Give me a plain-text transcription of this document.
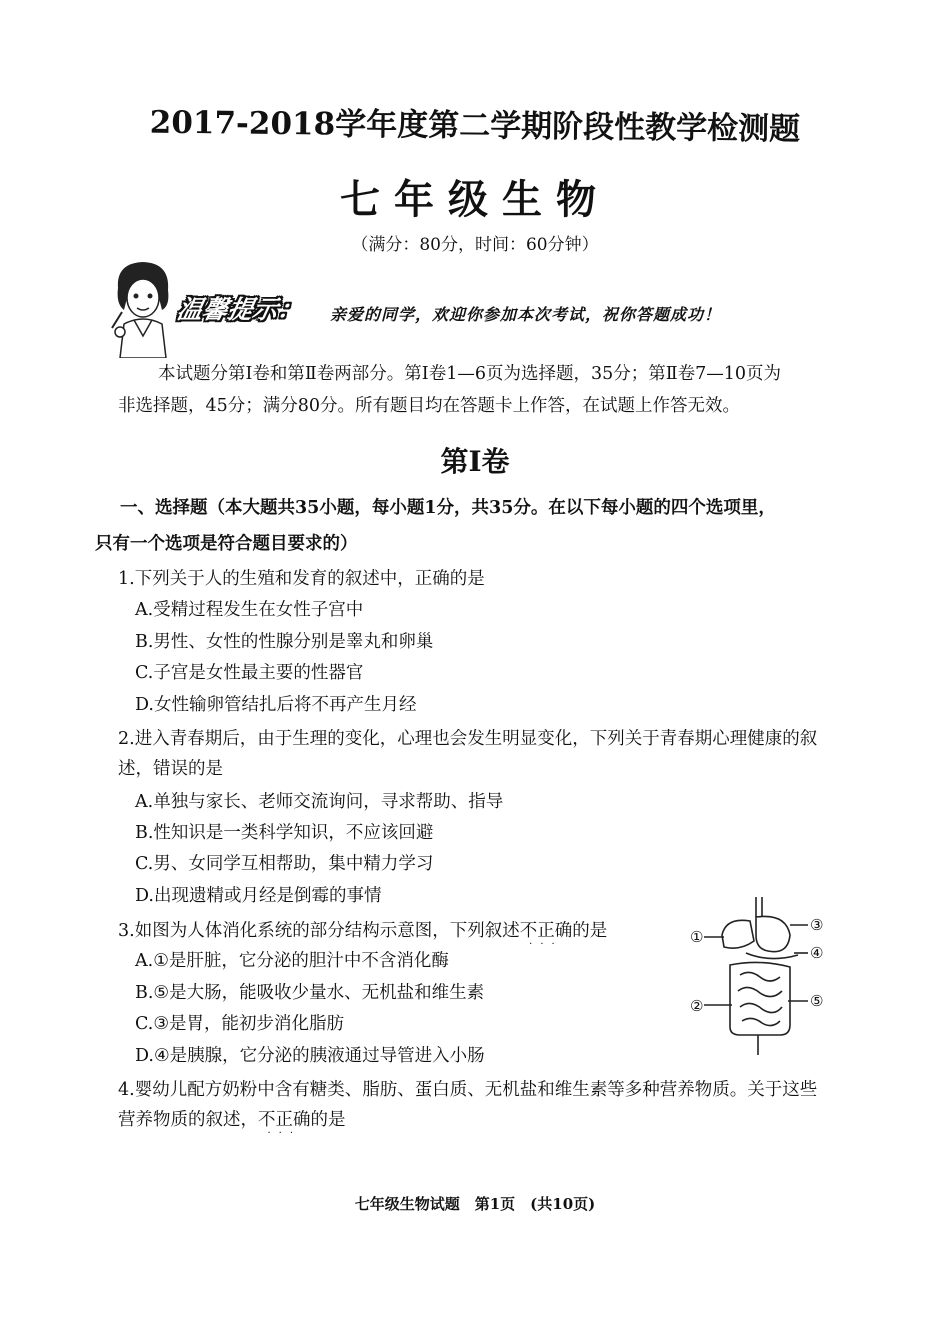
2017-2018学年度第二学期阶段性教学检测题
七年级生物
（满分：80分，时间：60分钟）
温馨提示： 亲爱的同学，欢迎你参加本次考试，祝你答题成功！
本试题分第Ⅰ卷和第Ⅱ卷两部分。第Ⅰ卷1—6页为选择题，35分；第Ⅱ卷7—10页为
非选择题，45分；满分80分。所有题目均在答题卡上作答，在试题上作答无效。
第Ⅰ卷
一、选择题（本大题共35小题，每小题1分，共35分。在以下每小题的四个选项里，
只有一个选项是符合题目要求的）
1.下列关于人的生殖和发育的叙述中，正确的是
A.受精过程发生在女性子宫中
B.男性、女性的性腺分别是睾丸和卵巢
C.子宫是女性最主要的性器官
D.女性输卵管结扎后将不再产生月经
2.进入青春期后，由于生理的变化，心理也会发生明显变化，下列关于青春期心理健康的叙
述，错误的是
A.单独与家长、老师交流询问，寻求帮助、指导
B.性知识是一类科学知识，不应该回避
C.男、女同学互相帮助，集中精力学习
D.出现遗精或月经是倒霉的事情
3.如图为人体消化系统的部分结构示意图，下列叙述不正确
···
的是
A.①是肝脏，它分泌的胆汁中不含消化酶
B.⑤是大肠，能吸收少量水、无机盐和维生素
C.③是胃，能初步消化脂肪
D.④是胰腺，它分泌的胰液通过导管进入小肠
①
②
③
④
⑤
4.婴幼儿配方奶粉中含有糖类、脂肪、蛋白质、无机盐和维生素等多种营养物质。关于这些
营养物质的叙述，不正确
···
的是
七年级生物试题　第1页　(共10页)
